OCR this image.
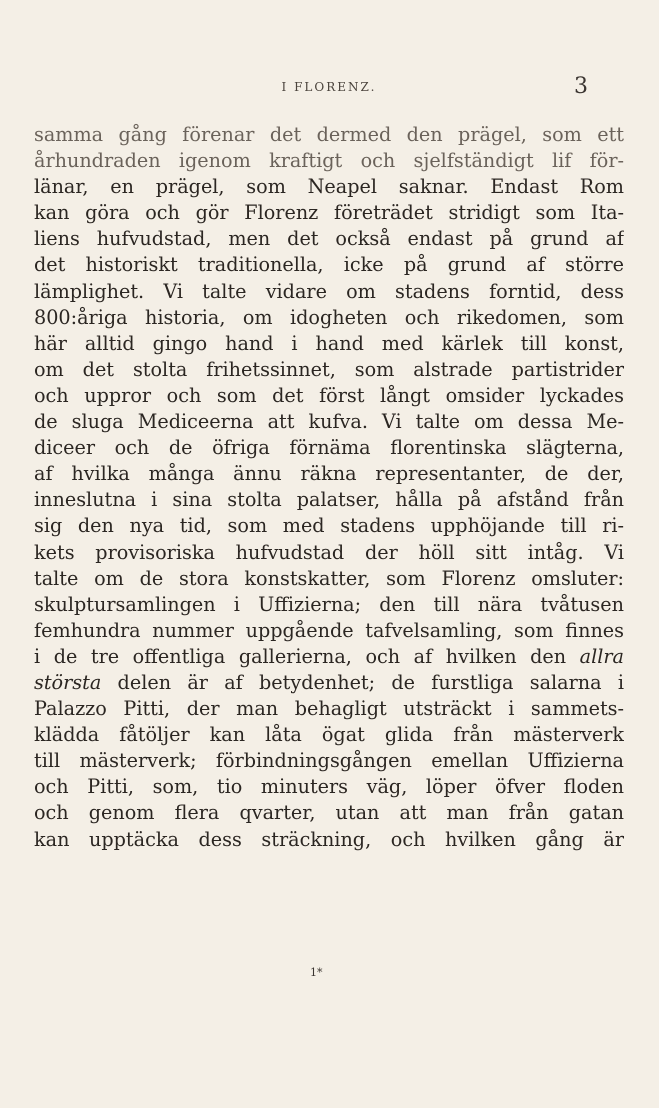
I FLORENZ.	3
samma gång förenar det dermed den prägel, som ett
århundraden igenom kraftigt och sjelfständigt lif för-
länar, en prägel, som Neapel saknar. Endast Rom
kan göra och gör Florenz företrädet stridigt som Ita-
liens hufvudstad, men det också endast på grund af
det historiskt traditionella, icke på grund af större
lämplighet. Vi talte vidare om stadens forntid, dess
800:åriga historia, om idogheten och rikedomen, som
här alltid gingo hand i hand med kärlek till konst,
om det stolta frihetssinnet, som alstrade partistrider
och uppror och som det först långt omsider lyckades
de sluga Mediceerna att kufva. Vi talte om dessa Me-
diceer och de öfriga förnäma florentinska slägterna,
af hvilka många ännu räkna representanter, de der,
inneslutna i sina stolta palatser, hålla på afstånd från
sig den nya tid, som med stadens upphöjande till ri-
kets provisoriska hufvudstad der höll sitt intåg. Vi
talte om de stora konstskatter, som Florenz omsluter:
skulptursamlingen i Uffizierna; den till nära tvåtusen
femhundra nummer uppgående tafvelsamling, som finnes
i de tre offentliga gallerierna, och af hvilken den allra
största delen är af betydenhet; de furstliga salarna i
Palazzo Pitti, der man behagligt utsträckt i sammets-
klädda fåtöljer kan låta ögat glida från mästerverk
till mästerverk; förbindningsgången emellan Uffizierna
och Pitti, som, tio minuters väg, löper öfver floden
och genom flera qvarter, utan att man från gatan
kan upptäcka dess sträckning, och hvilken gång är
1*
